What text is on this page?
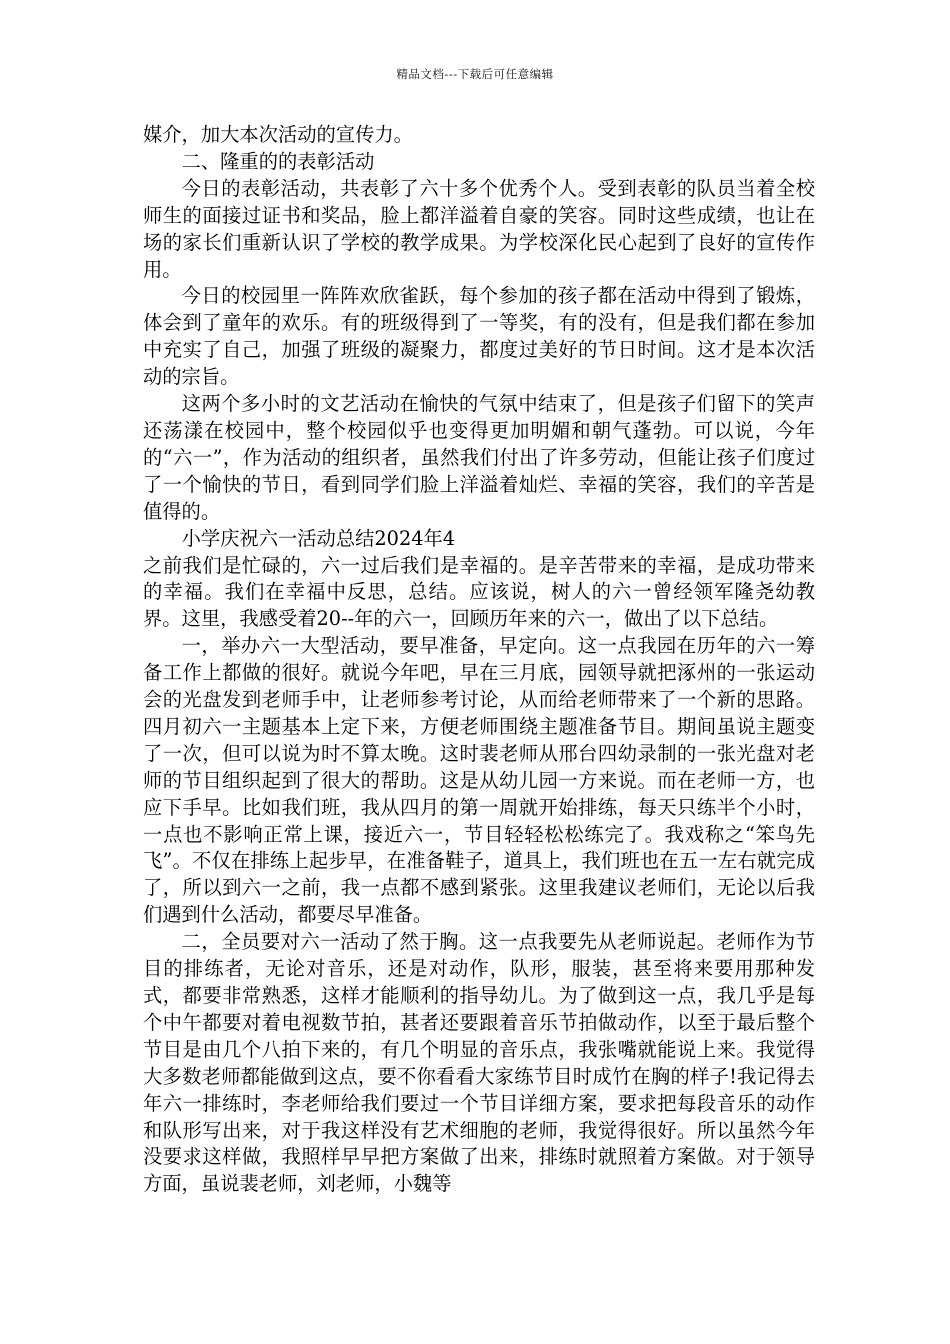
精品文档---下载后可任意编辑

媒介，加大本次活动的宣传力。

二、隆重的的表彰活动

今日的表彰活动，共表彰了六十多个优秀个人。受到表彰的队员当着全校师生的面接过证书和奖品，脸上都洋溢着自豪的笑容。同时这些成绩，也让在场的家长们重新认识了学校的教学成果。为学校深化民心起到了良好的宣传作用。

今日的校园里一阵阵欢欣雀跃，每个参加的孩子都在活动中得到了锻炼，体会到了童年的欢乐。有的班级得到了一等奖，有的没有，但是我们都在参加中充实了自己，加强了班级的凝聚力，都度过美好的节日时间。这才是本次活动的宗旨。

这两个多小时的文艺活动在愉快的气氛中结束了，但是孩子们留下的笑声还荡漾在校园中，整个校园似乎也变得更加明媚和朝气蓬勃。可以说，今年的“六一”，作为活动的组织者，虽然我们付出了许多劳动，但能让孩子们度过了一个愉快的节日，看到同学们脸上洋溢着灿烂、幸福的笑容，我们的辛苦是值得的。

小学庆祝六一活动总结2024年4

之前我们是忙碌的，六一过后我们是幸福的。是辛苦带来的幸福，是成功带来的幸福。我们在幸福中反思，总结。应该说，树人的六一曾经领军隆尧幼教界。这里，我感受着20--年的六一，回顾历年来的六一，做出了以下总结。

一，举办六一大型活动，要早准备，早定向。这一点我园在历年的六一筹备工作上都做的很好。就说今年吧，早在三月底，园领导就把涿州的一张运动会的光盘发到老师手中，让老师参考讨论，从而给老师带来了一个新的思路。四月初六一主题基本上定下来，方便老师围绕主题准备节目。期间虽说主题变了一次，但可以说为时不算太晚。这时裴老师从邢台四幼录制的一张光盘对老师的节目组织起到了很大的帮助。这是从幼儿园一方来说。而在老师一方，也应下手早。比如我们班，我从四月的第一周就开始排练，每天只练半个小时，一点也不影响正常上课，接近六一，节目轻轻松松练完了。我戏称之“笨鸟先飞”。不仅在排练上起步早，在准备鞋子，道具上，我们班也在五一左右就完成了，所以到六一之前，我一点都不感到紧张。这里我建议老师们，无论以后我们遇到什么活动，都要尽早准备。

二，全员要对六一活动了然于胸。这一点我要先从老师说起。老师作为节目的排练者，无论对音乐，还是对动作，队形，服装，甚至将来要用那种发式，都要非常熟悉，这样才能顺利的指导幼儿。为了做到这一点，我几乎是每个中午都要对着电视数节拍，甚者还要跟着音乐节拍做动作，以至于最后整个节目是由几个八拍下来的，有几个明显的音乐点，我张嘴就能说上来。我觉得大多数老师都能做到这点，要不你看看大家练节目时成竹在胸的样子!我记得去年六一排练时，李老师给我们要过一个节目详细方案，要求把每段音乐的动作和队形写出来，对于我这样没有艺术细胞的老师，我觉得很好。所以虽然今年没要求这样做，我照样早早把方案做了出来，排练时就照着方案做。对于领导方面，虽说裴老师，刘老师，小魏等
